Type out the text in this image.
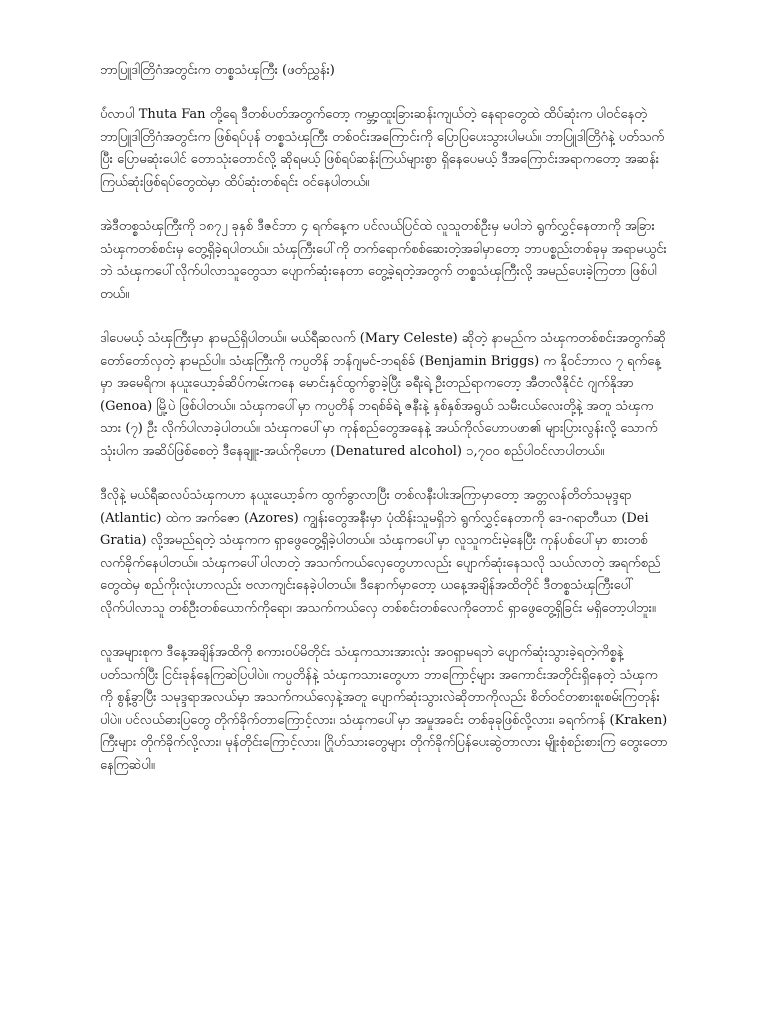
ဘာပြူဒါတြိဂံအတွင်းက တစ္စသံၾကြီး (ဖတ်ညွှန်း)

ပ်ံလာပါ Thuta Fan တို့ရေ ဒီတစ်ပတ်အတွက်တော့ ကမ္ဘာ့ထူးခြားဆန်းကျယ်တဲ့ နေရာတွေထဲ ထိပ်ဆုံးက ပါဝင်နေတဲ့ ဘာပြူဒါတြိဂံအတွင်းက ဖြစ်ရပ်ပုန် တစ္စသံၾကြီး တစ်ဝင်းအကြောင်းကို ပြောပြပေးသွားပါမယ်။ ဘာပြူဒါတြိဂံနဲ့ ပတ်သက်ပြီး ပြောမဆုံးပေါင် တောသုံးတောင်လို့ ဆိုရမယ့် ဖြစ်ရပ်ဆန်းကြယ်များစွာ ရှိနေပေမယ့် ဒီအကြောင်းအရာကတော့ အဆန်းကြယ်ဆုံးဖြစ်ရပ်တွေထဲမှာ ထိပ်ဆုံးတစ်ရင်း ဝင်နေပါတယ်။

အဲဒီတစ္စသံၾကြီးကို ၁၈၇၂ ခုနှစ် ဒီဇင်ဘာ ၄ ရက်နေ့က ပင်လယ်ပြင်ထဲ လူသူတစ်ဦးမှ မပါဘဲ ရွက်လွှင့်နေတာကို အခြားသံၾကတစ်စင်းမှ တွေ့ရှိခဲ့ရပါတယ်။ သံၾကြီးပေါ်ကို တက်ရောက်စစ်ဆေးတဲ့အခါမှာတော့ ဘာပစ္စည်းတစ်ခုမှ အရာမယွင်းဘဲ သံၾကပေါ်လိုက်ပါလာသူတွေသာ ပျောက်ဆုံးနေတာ တွေ့ခဲ့ရတဲ့အတွက် တစ္စသံၾကြီးလို့ အမည်ပေးခဲ့ကြတာ ဖြစ်ပါတယ်။

ဒါပေမယ့် သံၾကြီးမှာ နာမည်ရှိပါတယ်။ မယ်ရီဆလက် (Mary Celeste) ဆိုတဲ့ နာမည်က သံၾကတစ်စင်းအတွက်ဆို တော်တော်လှတဲ့ နာမည်ပါ။ သံၾကြီးကို ကပ္ပတိန် ဘန်ဂျမင်-ဘရစ်ခ် (Benjamin Briggs) က နိုဝင်ဘာလ ၇ ရက်နေ့မှာ အမေရိက၊ နယူးယော့ခ်ဆိပ်ကမ်းကနေ မောင်းနှင်ထွက်ခွာခဲ့ပြီး ခရီးရဲ့ ဦးတည်ရာကတော့ အီတလီနိုင်ငံ ဂျက်နိုအာ (Genoa) မြို့ပဲ ဖြစ်ပါတယ်။ သံၾကပေါ်မှာ ကပ္ပတိန် ဘရစ်ခ်ရဲ့ ဇနီးနဲ့ နှစ်နှစ်အရွယ် သမီးငယ်လေးတို့နဲ့ အတူ သံၾကသား (၇) ဦး လိုက်ပါလာခဲ့ပါတယ်။ သံၾကပေါ်မှာ ကုန်စည်တွေအနေနဲ့ အယ်ကိုလ်ဟောပဖာ၏ များပြားလွန်းလို့ သောက်သုံးပါက အဆိပ်ဖြစ်စေတဲ့ ဒီနေချူး-အယ်ကိုဟော (Denatured alcohol) ၁,၇၀၀ စည်ပါဝင်လာပါတယ်။

ဒီလိုနဲ့ မယ်ရီဆလပ်သံၾကဟာ နယူးယော့ခ်က ထွက်ခွာလာပြီး တစ်လနီးပါးအကြာမှာတော့ အတ္တလန်တိတ်သမုဒ္ဒရာ (Atlantic) ထဲက အက်ဇော (Azores) ကျွန်းတွေအနီးမှာ ပုံထိန်းသူမရှိဘဲ ရွက်လွှင့်နေတာကို ဒေ-ဂရာတီယာ (Dei Gratia) လို့အမည်ရတဲ့ သံၾကက ရှာဖွေတွေ့ရှိခဲ့ပါတယ်။ သံၾကပေါ်မှာ လူသူကင်းမဲ့နေပြီး ကုန်ပစ်ပေါ်မှာ စားတစ်လက်ခိုက်နေပါတယ်။ သံၾကပေါ်ပါလာတဲ့ အသက်ကယ်လှေတွေဟာလည်း ပျောက်ဆုံးနေသလို သယ်လာတဲ့ အရက်စည်တွေထဲမှ စည်ကိုးလုံးဟာလည်း ဗလာကျင်းနေခဲ့ပါတယ်။ ဒီနောက်မှာတော့ ယနေ့အချိန်အထိတိုင် ဒီတစ္စသံၾကြီးပေါ်လိုက်ပါလာသူ တစ်ဦးတစ်ယောက်ကိုရော၊ အသက်ကယ်လှေ တစ်စင်းတစ်လေကိုတောင် ရှာဖွေတွေ့ရှိခြင်း မရှိတော့ပါဘူး။

လူအများစုက ဒီနေ့အချိန်အထိကို စကားဝပ်မိတိုင်း သံၾကသားအားလုံး အဝရှာမရဘဲ ပျောက်ဆုံးသွားခဲ့ရတဲ့ကိစ္စနဲ့ ပတ်သက်ပြီး ငြင်းခုန်နေကြဆဲပြပါပဲ။ ကပ္ပတိန်နဲ့ သံၾကသားတွေဟာ ဘာကြောင့်များ အကောင်းအတိုင်းရှိနေတဲ့ သံၾကကို စွန့်ခွာပြီး သမုဒ္ဒရာအလယ်မှာ အသက်ကယ်လှေနဲ့အတူ ပျောက်ဆုံးသွားလဲဆိုတာကိုလည်း စိတ်ဝင်တစားစူးစမ်းကြတုန်းပါပဲ။ ပင်လယ်ဓားပြတွေ တိုက်ခိုက်တာကြောင့်လား၊ သံၾကပေါ်မှာ အမှုအခင်း တစ်ခုခုဖြစ်လို့လား၊ ခရက်ကန် (Kraken) ကြီးများ တိုက်ခိုက်လို့လား၊ မုန်တိုင်းကြောင့်လား၊ ဂြိုဟ်သားတွေများ တိုက်ခိုက်ပြန်ပေးဆွဲတာလား မျိုးစုံစဉ်းစားကြ တွေးတောနေကြဆဲပါ။
